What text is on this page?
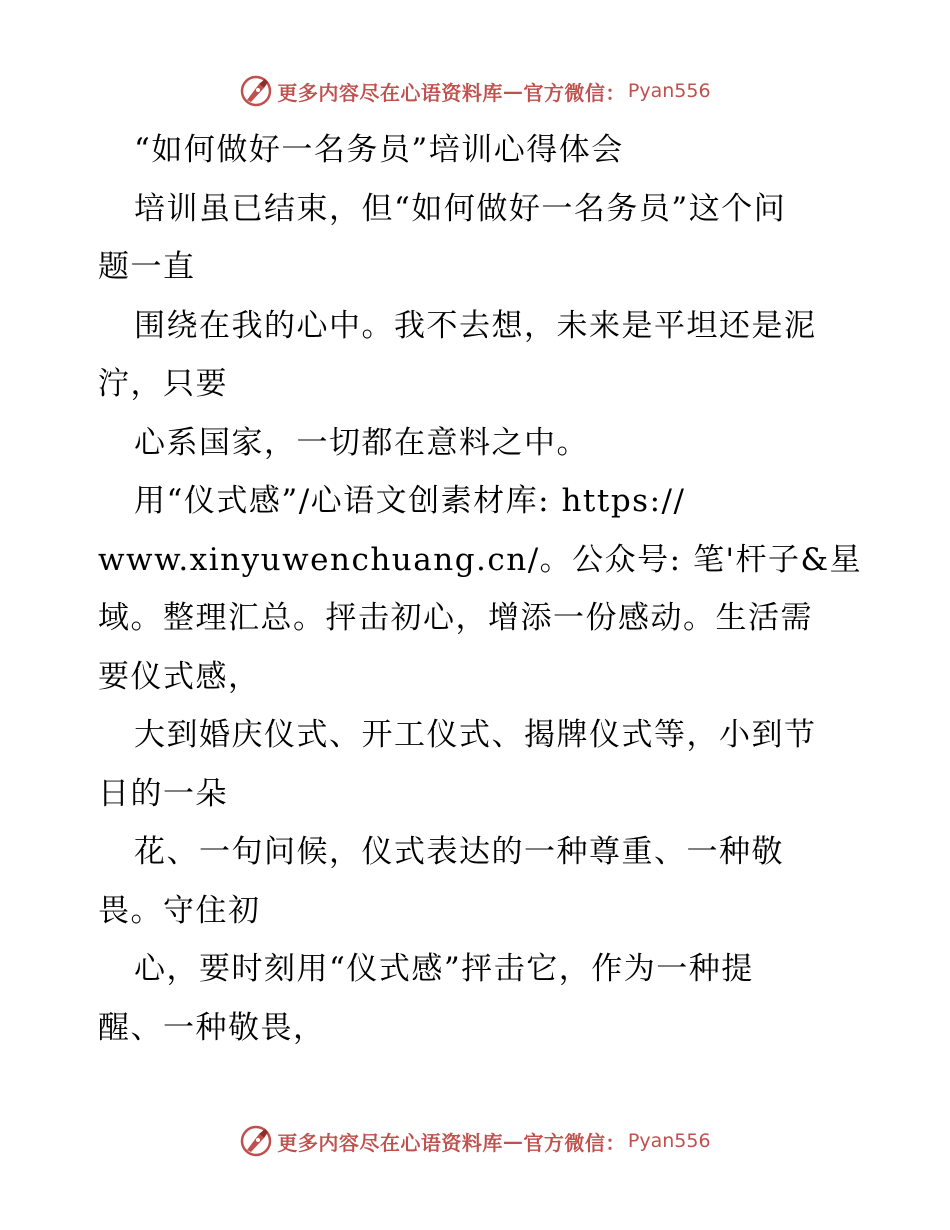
更多内容尽在心语资料库 — 官方微信： Pyan556
“如何做好一名务员”培训心得体会
培训虽已结束，但“如何做好一名务员”这个问
题一直
围绕在我的心中。我不去想，未来是平坦还是泥
泞，只要
心系国家，一切都在意料之中。
用“仪式感”/心语文创素材库: https://
www.xinyuwenchuang.cn/。公众号: 笔'杆子&星
域。整理汇总。抨击初心，增添一份感动。生活需
要仪式感，
大到婚庆仪式、开工仪式、揭牌仪式等，小到节
日的一朵
花、一句问候，仪式表达的一种尊重、一种敬
畏。守住初
心，要时刻用“仪式感”抨击它，作为一种提
醒、一种敬畏，
更多内容尽在心语资料库 — 官方微信： Pyan556
